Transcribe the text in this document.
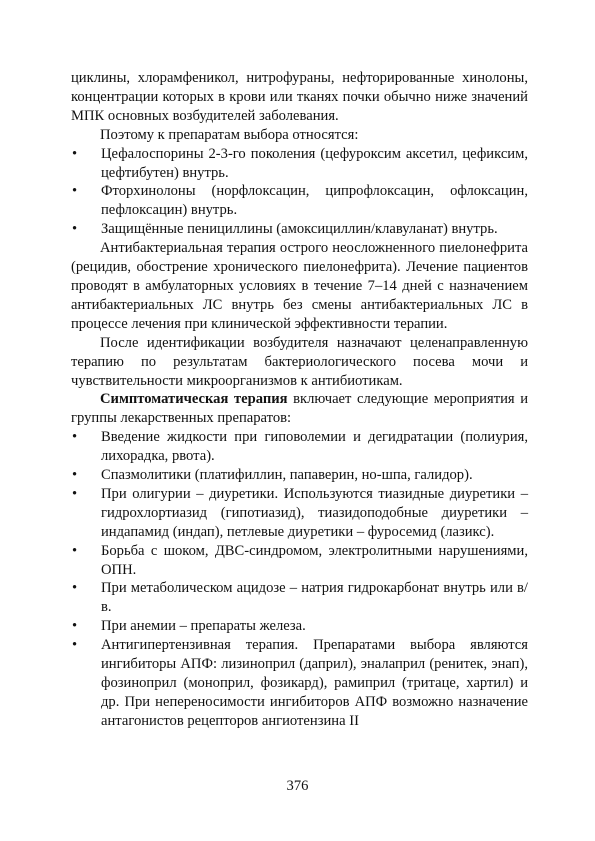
циклины, хлорамфеникол, нитрофураны, нефторированные хинолоны, концентрации которых в крови или тканях почки обычно ниже значений МПК основных возбудителей заболевания.

Поэтому к препаратам выбора относятся:

• Цефалоспорины 2-3-го поколения (цефуроксим аксетил, цефиксим, цефтибутен) внутрь.
• Фторхинолоны (норфлоксацин, ципрофлоксацин, офлоксацин, пефлоксацин) внутрь.
• Защищённые пенициллины (амоксициллин/клавуланат) внутрь.

Антибактериальная терапия острого неосложненного пиелонефрита (рецидив, обострение хронического пиелонефрита). Лечение пациентов проводят в амбулаторных условиях в течение 7–14 дней с назначением антибактериальных ЛС внутрь без смены антибактериальных ЛС в процессе лечения при клинической эффективности терапии.

После идентификации возбудителя назначают целенаправленную терапию по результатам бактериологического посева мочи и чувствительности микроорганизмов к антибиотикам.

Симптоматическая терапия включает следующие мероприятия и группы лекарственных препаратов:

• Введение жидкости при гиповолемии и дегидратации (полиурия, лихорадка, рвота).
• Спазмолитики (платифиллин, папаверин, но-шпа, галидор).
• При олигурии – диуретики. Используются тиазидные диуретики – гидрохлортиазид (гипотиазид), тиазидоподобные диуретики – индапамид (индап), петлевые диуретики – фуросемид (лазикс).
• Борьба с шоком, ДВС-синдромом, электролитными нарушениями, ОПН.
• При метаболическом ацидозе – натрия гидрокарбонат внутрь или в/в.
• При анемии – препараты железа.
• Антигипертензивная терапия. Препаратами выбора являются ингибиторы АПФ: лизиноприл (даприл), эналаприл (ренитек, энап), фозиноприл (моноприл, фозикард), рамиприл (тритаце, хартил) и др. При непереносимости ингибиторов АПФ возможно назначение антагонистов рецепторов ангиотензина II
376
